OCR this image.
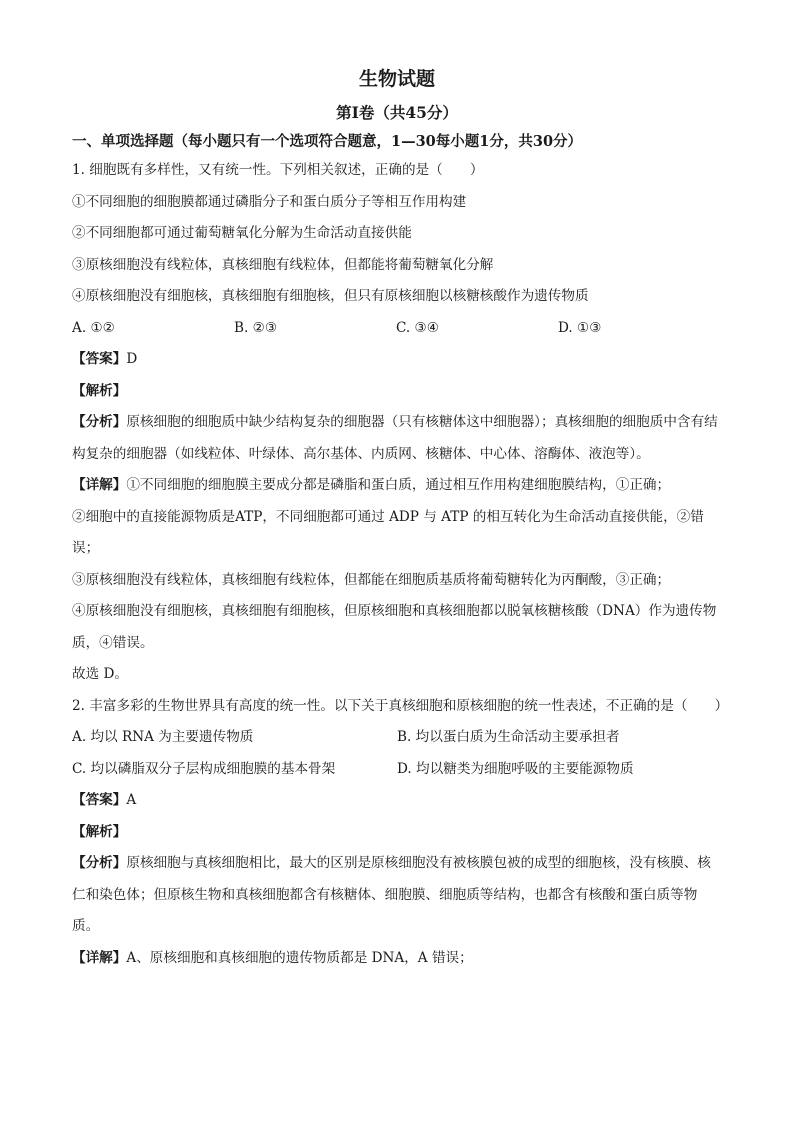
生物试题
第Ⅰ卷（共45分）
一、单项选择题（每小题只有一个选项符合题意，1—30每小题1分，共30分）
1. 细胞既有多样性，又有统一性。下列相关叙述，正确的是（　　）
①不同细胞的细胞膜都通过磷脂分子和蛋白质分子等相互作用构建
②不同细胞都可通过葡萄糖氧化分解为生命活动直接供能
③原核细胞没有线粒体，真核细胞有线粒体，但都能将葡萄糖氧化分解
④原核细胞没有细胞核，真核细胞有细胞核，但只有原核细胞以核糖核酸作为遗传物质
A. ①②	B. ②③	C. ③④	D. ①③
【答案】D
【解析】

【分析】原核细胞的细胞质中缺少结构复杂的细胞器（只有核糖体这中细胞器）；真核细胞的细胞质中含有结构复杂的细胞器（如线粒体、叶绿体、高尔基体、内质网、核糖体、中心体、溶酶体、液泡等）。

【详解】①不同细胞的细胞膜主要成分都是磷脂和蛋白质，通过相互作用构建细胞膜结构，①正确；

②细胞中的直接能源物质是ATP，不同细胞都可通过 ADP 与 ATP 的相互转化为生命活动直接供能，②错误；

③原核细胞没有线粒体，真核细胞有线粒体，但都能在细胞质基质将葡萄糖转化为丙酮酸，③正确；

④原核细胞没有细胞核，真核细胞有细胞核，但原核细胞和真核细胞都以脱氧核糖核酸（DNA）作为遗传物质，④错误。

故选 D。

2. 丰富多彩的生物世界具有高度的统一性。以下关于真核细胞和原核细胞的统一性表述，不正确的是（　　）

A. 均以 RNA 为主要遗传物质	B. 均以蛋白质为生命活动主要承担者
C. 均以磷脂双分子层构成细胞膜的基本骨架	D. 均以糖类为细胞呼吸的主要能源物质
【答案】A
【解析】

【分析】原核细胞与真核细胞相比，最大的区别是原核细胞没有被核膜包被的成型的细胞核，没有核膜、核仁和染色体；但原核生物和真核细胞都含有核糖体、细胞膜、细胞质等结构，也都含有核酸和蛋白质等物质。

【详解】A、原核细胞和真核细胞的遗传物质都是 DNA，A 错误；
